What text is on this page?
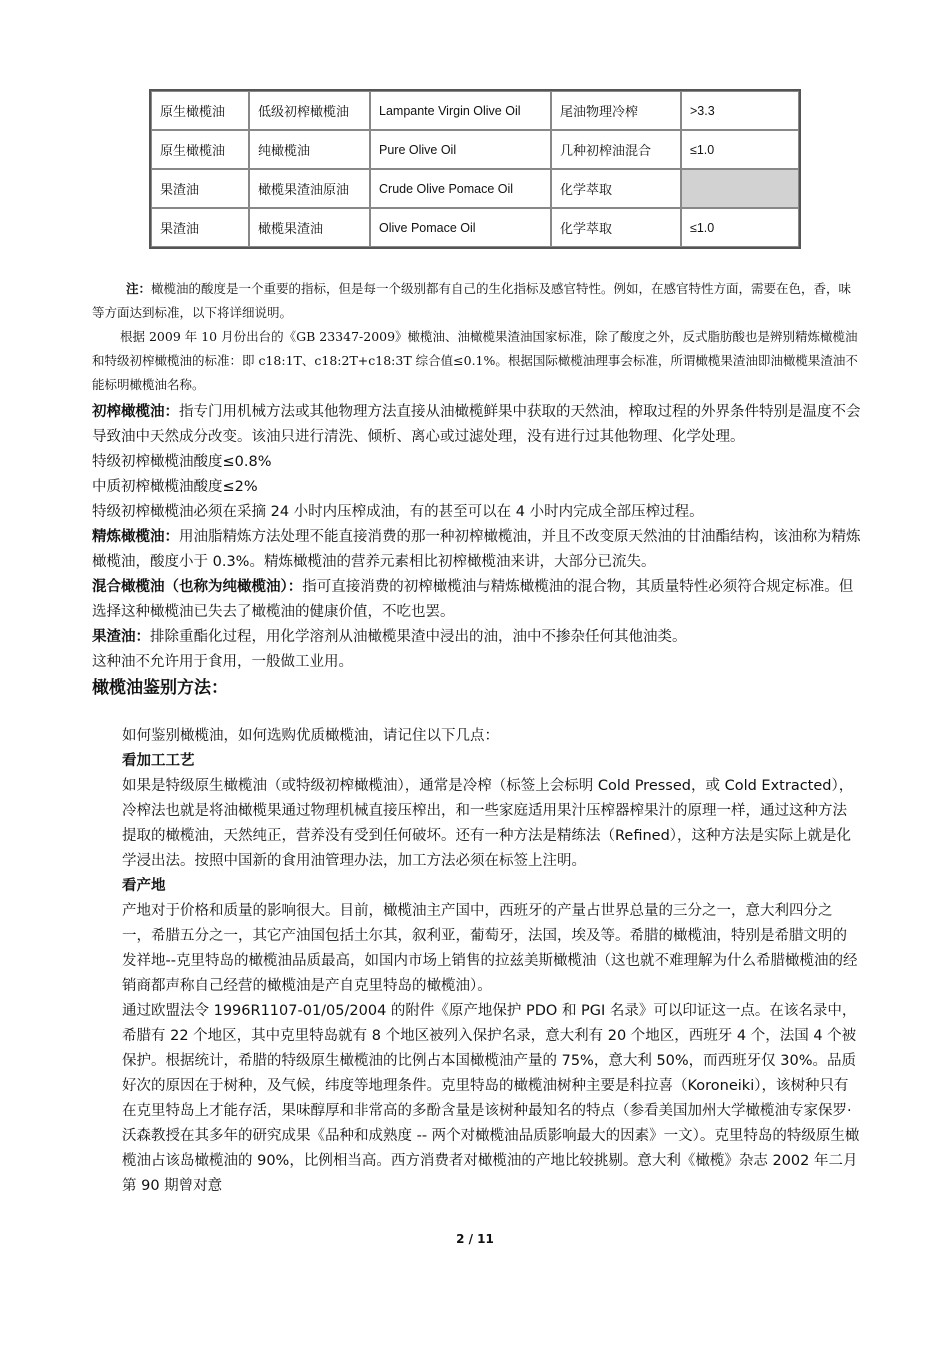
原生橄榄油	低级初榨橄榄油	Lampante Virgin Olive Oil	尾油物理冷榨	>3.3
原生橄榄油	纯橄榄油	Pure Olive Oil	几种初榨油混合	≤1.0
果渣油	橄榄果渣油原油	Crude Olive Pomace Oil	化学萃取	
果渣油	橄榄果渣油	Olive Pomace Oil	化学萃取	≤1.0

注：橄榄油的酸度是一个重要的指标，但是每一个级别都有自己的生化指标及感官特性。例如，在感官特性方面，需要在色，香，味等方面达到标准，以下将详细说明。

根据 2009 年 10 月份出台的《GB 23347-2009》橄榄油、油橄榄果渣油国家标准，除了酸度之外，反式脂肪酸也是辨别精炼橄榄油和特级初榨橄榄油的标准：即 c18:1T、c18:2T+c18:3T 综合值≤0.1%。根据国际橄榄油理事会标准，所谓橄榄果渣油即油橄榄果渣油不能标明橄榄油名称。

初榨橄榄油：指专门用机械方法或其他物理方法直接从油橄榄鲜果中获取的天然油，榨取过程的外界条件特别是温度不会导致油中天然成分改变。该油只进行清洗、倾析、离心或过滤处理，没有进行过其他物理、化学处理。

特级初榨橄榄油酸度≤0.8%

中质初榨橄榄油酸度≤2%

特级初榨橄榄油必须在采摘 24 小时内压榨成油，有的甚至可以在 4 小时内完成全部压榨过程。

精炼橄榄油：用油脂精炼方法处理不能直接消费的那一种初榨橄榄油，并且不改变原天然油的甘油酯结构，该油称为精炼橄榄油，酸度小于 0.3%。精炼橄榄油的营养元素相比初榨橄榄油来讲，大部分已流失。

混合橄榄油（也称为纯橄榄油）：指可直接消费的初榨橄榄油与精炼橄榄油的混合物，其质量特性必须符合规定标准。但选择这种橄榄油已失去了橄榄油的健康价值，不吃也罢。

果渣油：排除重酯化过程，用化学溶剂从油橄榄果渣中浸出的油，油中不掺杂任何其他油类。

这种油不允许用于食用，一般做工业用。

橄榄油鉴别方法：

如何鉴别橄榄油，如何选购优质橄榄油，请记住以下几点：

看加工工艺

如果是特级原生橄榄油（或特级初榨橄榄油），通常是冷榨（标签上会标明 Cold Pressed，或 Cold Extracted），冷榨法也就是将油橄榄果通过物理机械直接压榨出，和一些家庭适用果汁压榨器榨果汁的原理一样，通过这种方法提取的橄榄油，天然纯正，营养没有受到任何破坏。还有一种方法是精练法（Refined），这种方法是实际上就是化学浸出法。按照中国新的食用油管理办法，加工方法必须在标签上注明。

看产地

产地对于价格和质量的影响很大。目前，橄榄油主产国中，西班牙的产量占世界总量的三分之一，意大利四分之一，希腊五分之一，其它产油国包括土尔其，叙利亚，葡萄牙，法国，埃及等。希腊的橄榄油，特别是希腊文明的发祥地--克里特岛的橄榄油品质最高，如国内市场上销售的拉兹美斯橄榄油（这也就不难理解为什么希腊橄榄油的经销商都声称自己经营的橄榄油是产自克里特岛的橄榄油）。

通过欧盟法令 1996R1107-01/05/2004 的附件《原产地保护 PDO 和 PGI 名录》可以印证这一点。在该名录中，希腊有 22 个地区，其中克里特岛就有 8 个地区被列入保护名录，意大利有 20 个地区，西班牙 4 个，法国 4 个被保护。根据统计，希腊的特级原生橄榄油的比例占本国橄榄油产量的 75%，意大利 50%，而西班牙仅 30%。品质好次的原因在于树种，及气候，纬度等地理条件。克里特岛的橄榄油树种主要是科拉喜（Koroneiki），该树种只有在克里特岛上才能存活，果味醇厚和非常高的多酚含量是该树种最知名的特点（参看美国加州大学橄榄油专家保罗·沃森教授在其多年的研究成果《品种和成熟度 -- 两个对橄榄油品质影响最大的因素》一文）。克里特岛的特级原生橄榄油占该岛橄榄油的 90%，比例相当高。西方消费者对橄榄油的产地比较挑剔。意大利《橄榄》杂志 2002 年二月第 90 期曾对意

2 / 11
